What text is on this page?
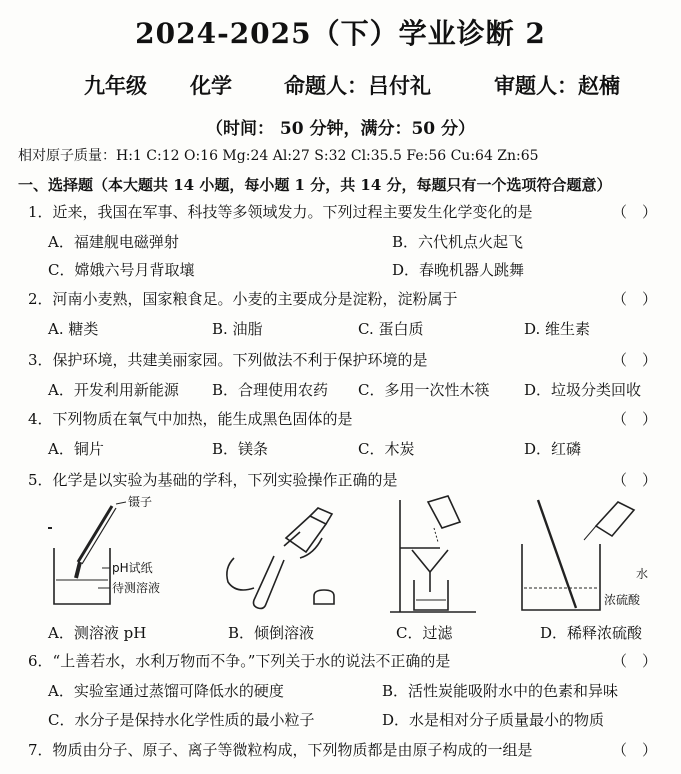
2024-2025（下）学业诊断 2
九年级 化学 命题人：吕付礼	审题人：赵楠
（时间： 50 分钟，满分：50 分）
相对原子质量：H:1 C:12 O:16 Mg:24 Al:27 S:32 Cl:35.5 Fe:56 Cu:64 Zn:65
一、选择题（本大题共 14 小题，每小题 1 分，共 14 分，每题只有一个选项符合题意）
1．近来，我国在军事、科技等多领域发力。下列过程主要发生化学变化的是	（　）
A．福建舰电磁弹射	B．六代机点火起飞
C．嫦娥六号月背取壤	D．春晚机器人跳舞
2．河南小麦熟，国家粮食足。小麦的主要成分是淀粉，淀粉属于	（　）
A. 糖类	B. 油脂	C. 蛋白质	D. 维生素
3．保护环境，共建美丽家园。下列做法不利于保护环境的是	（　）
A．开发利用新能源 B．合理使用农药 C．多用一次性木筷 D．垃圾分类回收
4．下列物质在氧气中加热，能生成黑色固体的是	（　）
A．铜片	B．镁条	C．木炭	D．红磷
5．化学是以实验为基础的学科，下列实验操作正确的是	（　）
镊子
pH试纸
待测溶液
水
浓硫酸
A．测溶液 pH	B．倾倒溶液	C．过滤	D．稀释浓硫酸
6．“上善若水，水利万物而不争。”下列关于水的说法不正确的是	（　）
A．实验室通过蒸馏可降低水的硬度	B．活性炭能吸附水中的色素和异味
C．水分子是保持水化学性质的最小粒子	D．水是相对分子质量最小的物质
7．物质由分子、原子、离子等微粒构成，下列物质都是由原子构成的一组是	（　）
